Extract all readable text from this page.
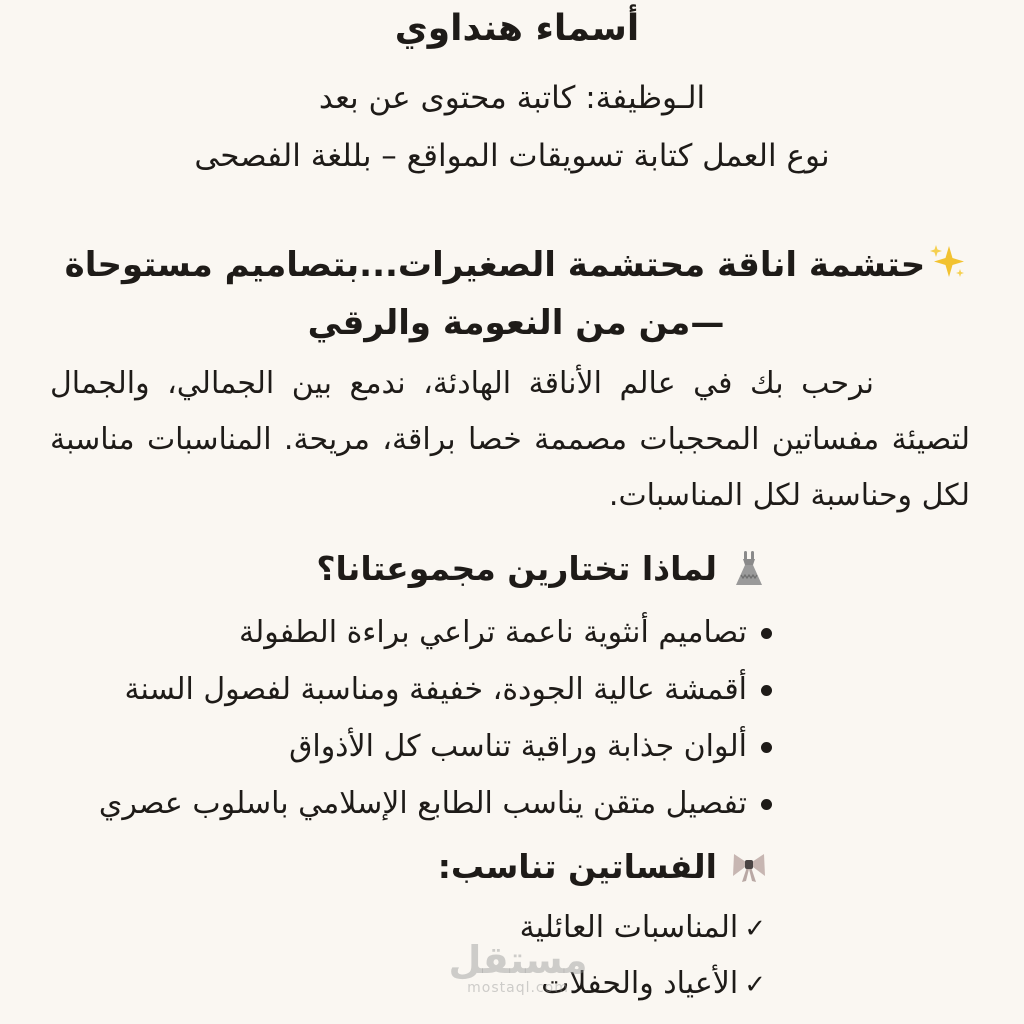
أسماء هنداوي
الـوظيفة: كاتبة محتوى عن بعد
نوع العمل كتابة تسويقات المواقع – بللغة الفصحى
حتشمة اناقة محتشمة الصغيرات...بتصاميم مستوحاة—من من النعومة والرقي
نرحب بك في عالم الأناقة الهادئة، ندمع بين الجمالي، والجمال لتصيئة مفساتين المحجبات مصممة خصا براقة، مريحة. المناسبات مناسبة لكل وحناسبة لكل المناسبات.
لماذا تختارين مجموعتانا؟
تصاميم أنثوية ناعمة تراعي براءة الطفولة
أقمشة عالية الجودة، خفيفة ومناسبة لفصول السنة
ألوان جذابة وراقية تناسب كل الأذواق
تفصيل متقن يناسب الطابع الإسلامي باسلوب عصري
الفساتين تناسب:
✓المناسبات العائلية
✓الأعياد والحفلات
مستقل
mostaql.com
